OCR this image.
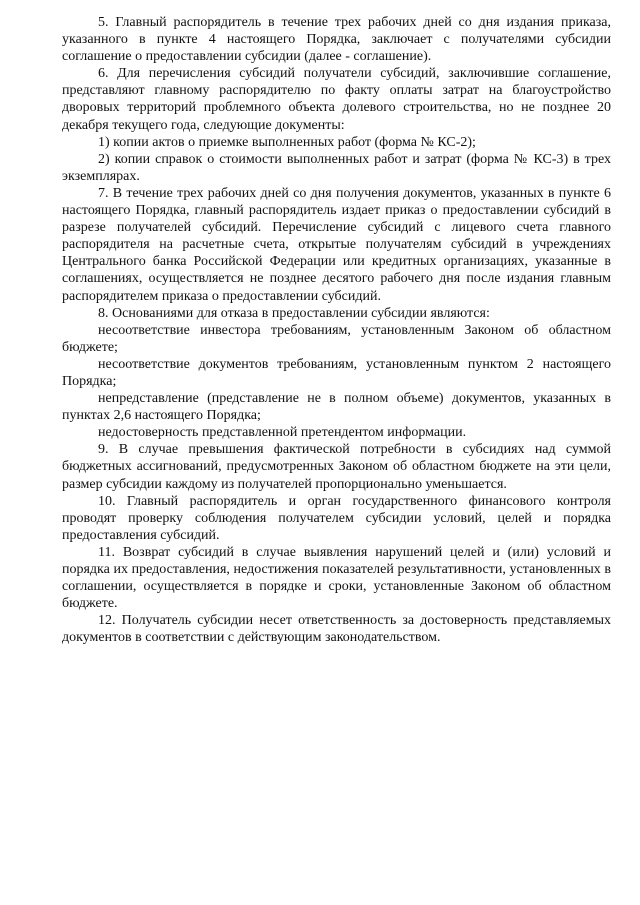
5. Главный распорядитель в течение трех рабочих дней со дня издания приказа, указанного в пункте 4 настоящего Порядка, заключает с получателями субсидии соглашение о предоставлении субсидии (далее - соглашение).

6. Для перечисления субсидий получатели субсидий, заключившие соглашение, представляют главному распорядителю по факту оплаты затрат на благоустройство дворовых территорий проблемного объекта долевого строительства, но не позднее 20 декабря текущего года, следующие документы:

1) копии актов о приемке выполненных работ (форма № КС-2);

2) копии справок о стоимости выполненных работ и затрат (форма № КС-3) в трех экземплярах.

7. В течение трех рабочих дней со дня получения документов, указанных в пункте 6 настоящего Порядка, главный распорядитель издает приказ о предоставлении субсидий в разрезе получателей субсидий. Перечисление субсидий с лицевого счета главного распорядителя на расчетные счета, открытые получателям субсидий в учреждениях Центрального банка Российской Федерации или кредитных организациях, указанные в соглашениях, осуществляется не позднее десятого рабочего дня после издания главным распорядителем приказа о предоставлении субсидий.

8. Основаниями для отказа в предоставлении субсидии являются:

несоответствие инвестора требованиям, установленным Законом об областном бюджете;

несоответствие документов требованиям, установленным пунктом 2 настоящего Порядка;

непредставление (представление не в полном объеме) документов, указанных в пунктах 2,6 настоящего Порядка;

недостоверность представленной претендентом информации.

9. В случае превышения фактической потребности в субсидиях над суммой бюджетных ассигнований, предусмотренных Законом об областном бюджете на эти цели, размер субсидии каждому из получателей пропорционально уменьшается.

10. Главный распорядитель и орган государственного финансового контроля проводят проверку соблюдения получателем субсидии условий, целей и порядка предоставления субсидий.

11. Возврат субсидий в случае выявления нарушений целей и (или) условий и порядка их предоставления, недостижения показателей результативности, установленных в соглашении, осуществляется в порядке и сроки, установленные Законом об областном бюджете.

12. Получатель субсидии несет ответственность за достоверность представляемых документов в соответствии с действующим законодательством.
